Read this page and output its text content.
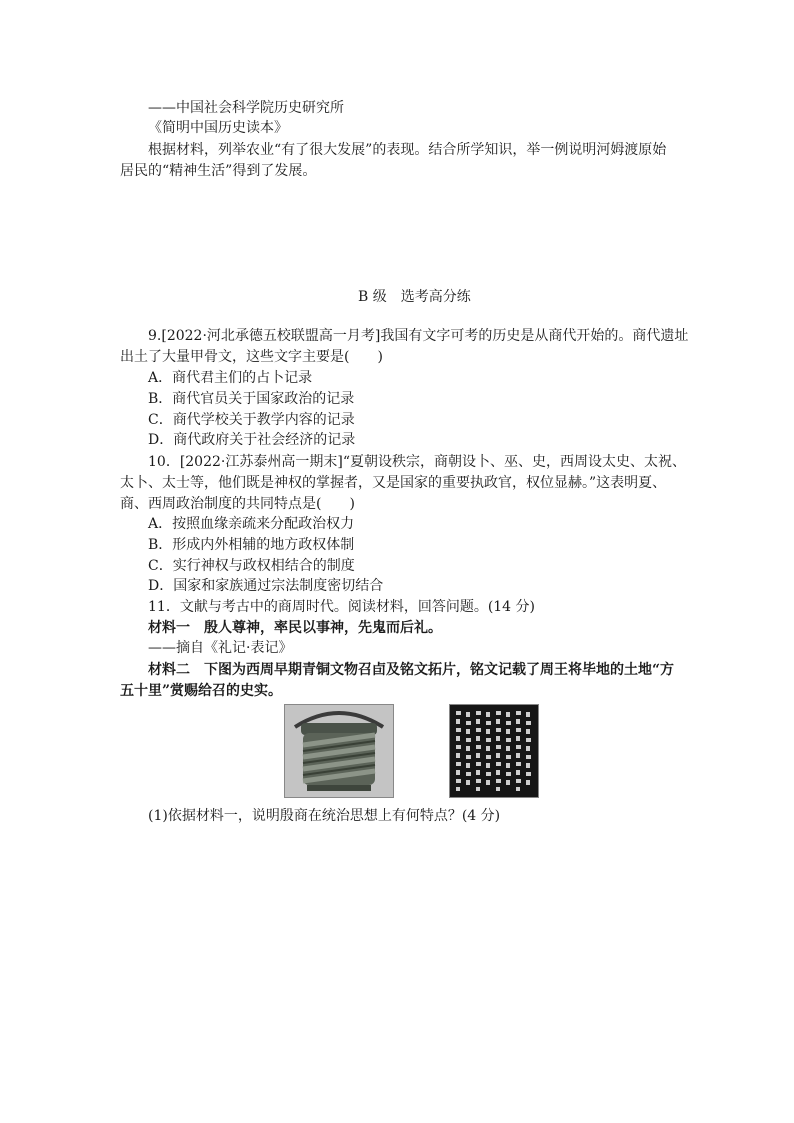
——中国社会科学院历史研究所
《简明中国历史读本》
根据材料，列举农业“有了很大发展”的表现。结合所学知识，举一例说明河姆渡原始
居民的“精神生活”得到了发展。
B 级　选考高分练
9.[2022·河北承德五校联盟高一月考]我国有文字可考的历史是从商代开始的。商代遗址
出土了大量甲骨文，这些文字主要是(　　)
A．商代君主们的占卜记录
B．商代官员关于国家政治的记录
C．商代学校关于教学内容的记录
D．商代政府关于社会经济的记录
10．[2022·江苏泰州高一期末]“夏朝设秩宗，商朝设卜、巫、史，西周设太史、太祝、
太卜、太士等，他们既是神权的掌握者，又是国家的重要执政官，权位显赫。”这表明夏、
商、西周政治制度的共同特点是(　　)
A．按照血缘亲疏来分配政治权力
B．形成内外相辅的地方政权体制
C．实行神权与政权相结合的制度
D．国家和家族通过宗法制度密切结合
11．文献与考古中的商周时代。阅读材料，回答问题。(14 分)
材料一　殷人尊神，率民以事神，先鬼而后礼。
——摘自《礼记·表记》
材料二　下图为西周早期青铜文物召卣及铭文拓片，铭文记载了周王将毕地的土地“方
五十里”赏赐给召的史实。
(1)依据材料一，说明殷商在统治思想上有何特点？(4 分)
